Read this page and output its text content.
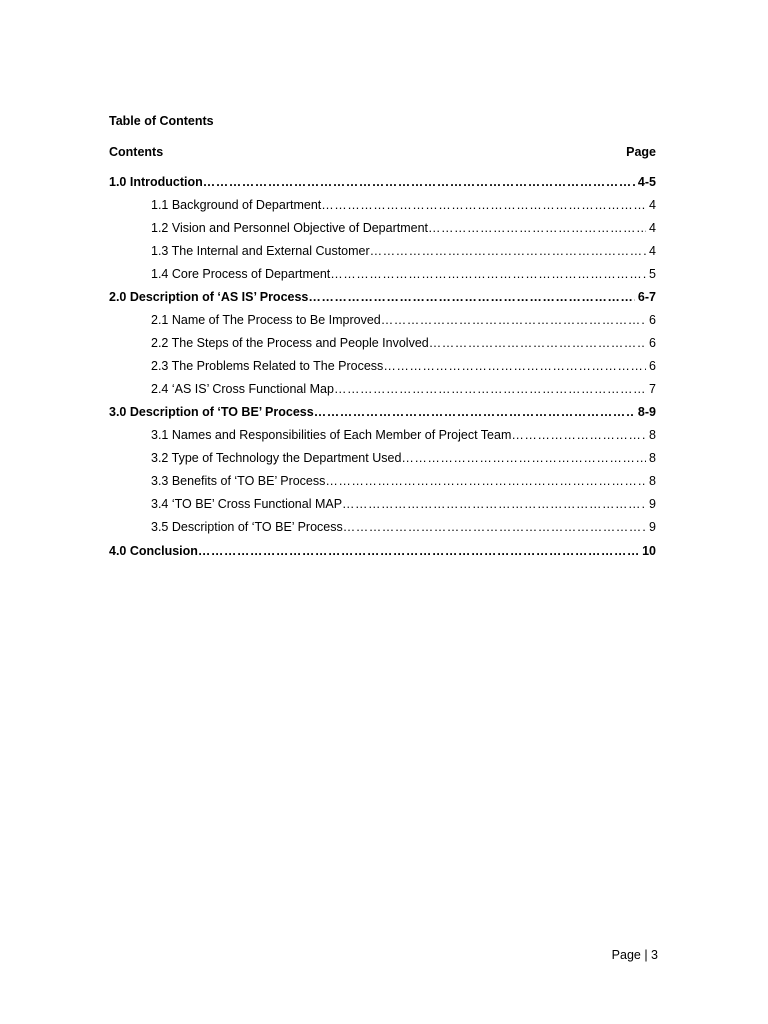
Table of Contents
Contents	Page
1.0 Introduction ……………………………………………………………………………………………………………………………………………………………………	4-5
1.1 Background of Department ……………………………………………………………………………………………………………………………………………………………………	4
1.2 Vision and Personnel Objective of Department ……………………………………………………………………………………………………………………………………………………………………	4
1.3 The Internal and External Customer ……………………………………………………………………………………………………………………………………………………………………	4
1.4 Core Process of Department ……………………………………………………………………………………………………………………………………………………………………	5
2.0 Description of ‘AS IS’ Process ……………………………………………………………………………………………………………………………………………………………………	6-7
2.1 Name of The Process to Be Improved ……………………………………………………………………………………………………………………………………………………………………	6
2.2 The Steps of the Process and People Involved ……………………………………………………………………………………………………………………………………………………………………	6
2.3 The Problems Related to The Process ……………………………………………………………………………………………………………………………………………………………………	6
2.4 ‘AS IS’ Cross Functional Map ……………………………………………………………………………………………………………………………………………………………………	7
3.0 Description of ‘TO BE’ Process ……………………………………………………………………………………………………………………………………………………………………	8-9
3.1 Names and Responsibilities of Each Member of Project Team ……………………………………………………………………………………………………………………………………………………………………	8
3.2 Type of Technology the Department Used ……………………………………………………………………………………………………………………………………………………………………	8
3.3 Benefits of ‘TO BE’ Process ……………………………………………………………………………………………………………………………………………………………………	8
3.4 ‘TO BE’ Cross Functional MAP ……………………………………………………………………………………………………………………………………………………………………	9
3.5 Description of ‘TO BE’ Process ……………………………………………………………………………………………………………………………………………………………………	9
4.0 Conclusion ……………………………………………………………………………………………………………………………………………………………………	10
Page | 3
